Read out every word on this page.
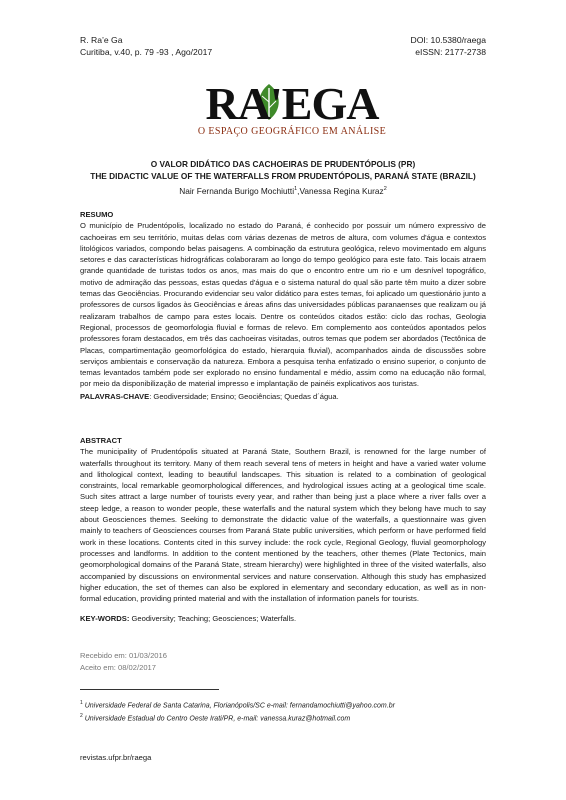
R. Ra’e Ga
Curitiba, v.40, p. 79 -93 , Ago/2017
DOI: 10.5380/raega
eISSN: 2177-2738
RA'EGA
O ESPAÇO GEOGRÁFICO EM ANÁLISE
O VALOR DIDÁTICO DAS CACHOEIRAS DE PRUDENTÓPOLIS (PR)
THE DIDACTIC VALUE OF THE WATERFALLS FROM PRUDENTÓPOLIS, PARANÁ STATE (BRAZIL)
Nair Fernanda Burigo Mochiutti$^1$,Vanessa Regina Kuraz$^2$
RESUMO

O município de Prudentópolis, localizado no estado do Paraná, é conhecido por possuir um número expressivo de cachoeiras em seu território, muitas delas com várias dezenas de metros de altura, com volumes d'água e contextos litológicos variados, compondo belas paisagens. A combinação da estrutura geológica, relevo movimentado em alguns setores e das características hidrográficas colaboraram ao longo do tempo geológico para este fato. Tais locais atraem grande quantidade de turistas todos os anos, mas mais do que o encontro entre um rio e um desnível topográfico, motivo de admiração das pessoas, estas quedas d'água e o sistema natural do qual são parte têm muito a dizer sobre temas das Geociências. Procurando evidenciar seu valor didático para estes temas, foi aplicado um questionário junto a professores de cursos ligados às Geociências e áreas afins das universidades públicas paranaenses que realizam ou já realizaram trabalhos de campo para estes locais. Dentre os conteúdos citados estão: ciclo das rochas, Geologia Regional, processos de geomorfologia fluvial e formas de relevo. Em complemento aos conteúdos apontados pelos professores foram destacados, em três das cachoeiras visitadas, outros temas que podem ser abordados (Tectônica de Placas, compartimentação geomorfológica do estado, hierarquia fluvial), acompanhados ainda de discussões sobre serviços ambientais e conservação da natureza. Embora a pesquisa tenha enfatizado o ensino superior, o conjunto de temas levantados também pode ser explorado no ensino fundamental e médio, assim como na educação não formal, por meio da disponibilização de material impresso e implantação de painéis explicativos aos turistas.

PALAVRAS-CHAVE: Geodiversidade; Ensino; Geociências; Quedas d´água.

ABSTRACT

The municipality of Prudentópolis situated at Paraná State, Southern Brazil, is renowned for the large number of waterfalls throughout its territory. Many of them reach several tens of meters in height and have a varied water volume and lithological context, leading to beautiful landscapes. This situation is related to a combination of geological constraints, local remarkable geomorphological differences, and hydrological issues acting at a geological time scale. Such sites attract a large number of tourists every year, and rather than being just a place where a river falls over a steep ledge, a reason to wonder people, these waterfalls and the natural system which they belong have much to say about Geosciences themes. Seeking to demonstrate the didactic value of the waterfalls, a questionnaire was given mainly to teachers of Geosciences courses from Paraná State public universities, which perform or have performed field work in these locations. Contents cited in this survey include: the rock cycle, Regional Geology, fluvial geomorphology processes and landforms. In addition to the content mentioned by the teachers, other themes (Plate Tectonics, main geomorphological domains of the Paraná State, stream hierarchy) were highlighted in three of the visited waterfalls, also accompanied by discussions on environmental services and nature conservation. Although this study has emphasized higher education, the set of themes can also be explored in elementary and secondary education, as well as in non-formal education, providing printed material and with the installation of information panels for tourists.

KEY-WORDS: Geodiversity; Teaching; Geosciences; Waterfalls.

Recebido em: 01/03/2016
Aceito em: 08/02/2017
$^1$ Universidade Federal de Santa Catarina, Florianópolis/SC e-mail: fernandamochiutti@yahoo.com.br
$^2$ Universidade Estadual do Centro Oeste Irati/PR, e-mail: vanessa.kuraz@hotmail.com
revistas.ufpr.br/raega
